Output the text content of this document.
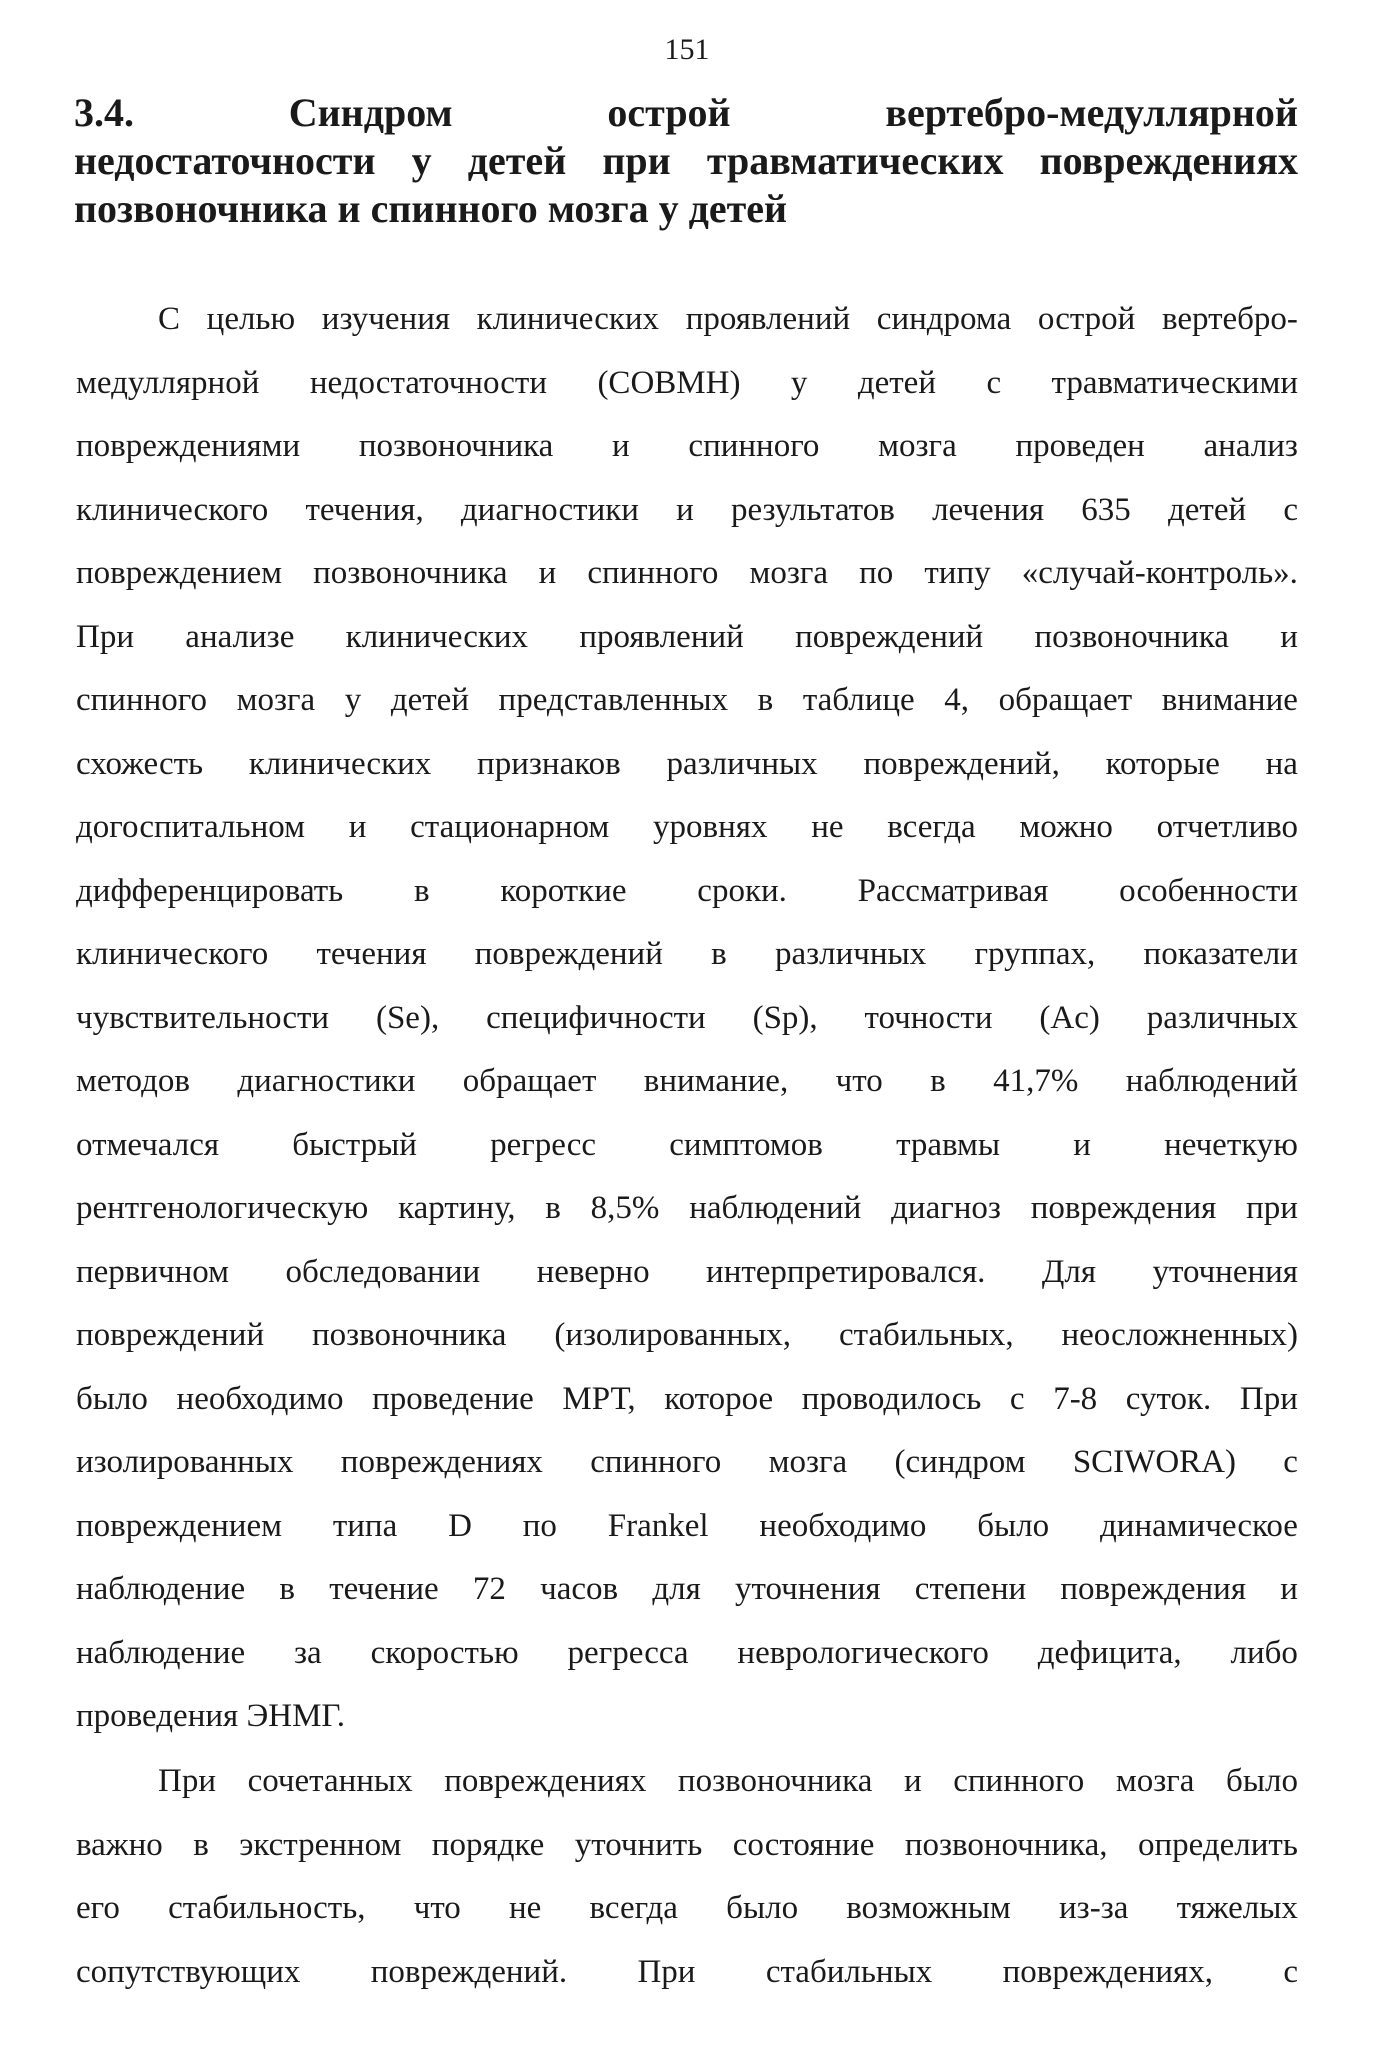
151
3.4.	Синдром	острой	вертебро-медуллярной
недостаточности у детей при травматических повреждениях
позвоночника и спинного мозга у детей
С целью изучения клинических проявлений синдрома острой вертебро-
медуллярной недостаточности (СОВМН) у детей с травматическими
повреждениями позвоночника и спинного мозга проведен анализ
клинического течения, диагностики и результатов лечения 635 детей с
повреждением позвоночника и спинного мозга по типу «случай-контроль».
При анализе клинических проявлений повреждений позвоночника и
спинного мозга у детей представленных в таблице 4, обращает внимание
схожесть клинических признаков различных повреждений, которые на
догоспитальном и стационарном уровнях не всегда можно отчетливо
дифференцировать в короткие сроки. Рассматривая особенности
клинического течения повреждений в различных группах, показатели
чувствительности (Se), специфичности (Sp), точности (Ac) различных
методов диагностики обращает внимание, что в 41,7% наблюдений
отмечался быстрый регресс симптомов травмы и нечеткую
рентгенологическую картину, в 8,5% наблюдений диагноз повреждения при
первичном обследовании неверно интерпретировался. Для уточнения
повреждений позвоночника (изолированных, стабильных, неосложненных)
было необходимо проведение МРТ, которое проводилось с 7-8 суток. При
изолированных повреждениях спинного мозга (синдром SCIWORA) с
повреждением типа D по Frankel необходимо было динамическое
наблюдение в течение 72 часов для уточнения степени повреждения и
наблюдение за скоростью регресса неврологического дефицита, либо
проведения ЭНМГ.
При сочетанных повреждениях позвоночника и спинного мозга было
важно в экстренном порядке уточнить состояние позвоночника, определить
его стабильность, что не всегда было возможным из-за тяжелых
сопутствующих повреждений. При стабильных повреждениях, с
